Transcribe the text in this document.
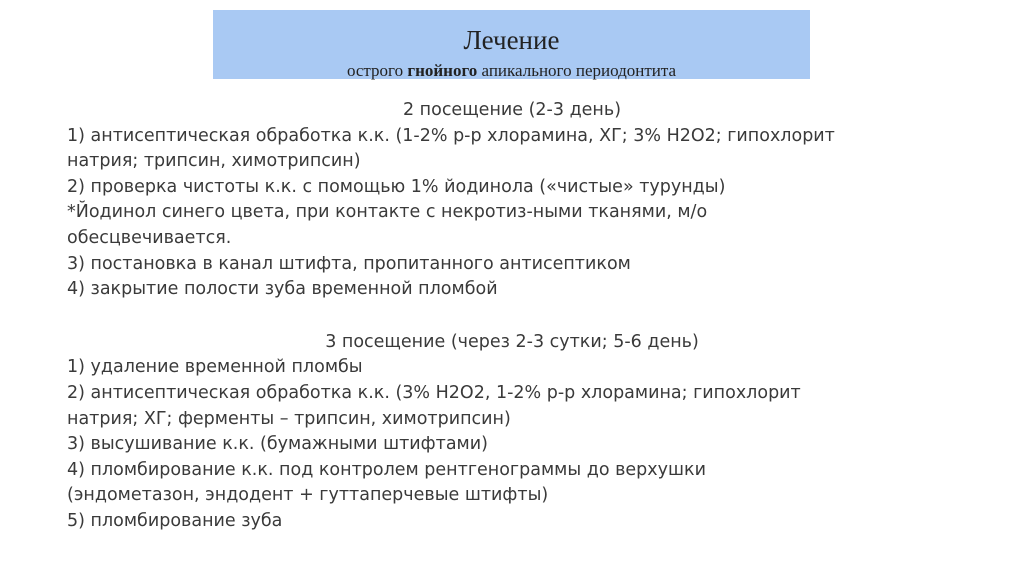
Лечение
острого гнойного апикального периодонтита
2 посещение (2-3 день)
1) антисептическая обработка к.к. (1-2% р-р хлорамина, ХГ; 3% Н2О2; гипохлорит
натрия; трипсин, химотрипсин)
2) проверка чистоты к.к. с помощью 1% йодинола («чистые» турунды)
*Йодинол синего цвета, при контакте с некротиз-ными тканями, м/о
обесцвечивается.
3) постановка в канал штифта, пропитанного антисептиком
4) закрытие полости зуба временной пломбой
3 посещение (через 2-3 сутки; 5-6 день)
1) удаление временной пломбы
2) антисептическая обработка к.к. (3% Н2О2, 1-2% р-р хлорамина; гипохлорит
натрия; ХГ; ферменты – трипсин, химотрипсин)
3) высушивание к.к. (бумажными штифтами)
4) пломбирование к.к. под контролем рентгенограммы до верхушки
(эндометазон, эндодент + гуттаперчевые штифты)
5) пломбирование зуба
